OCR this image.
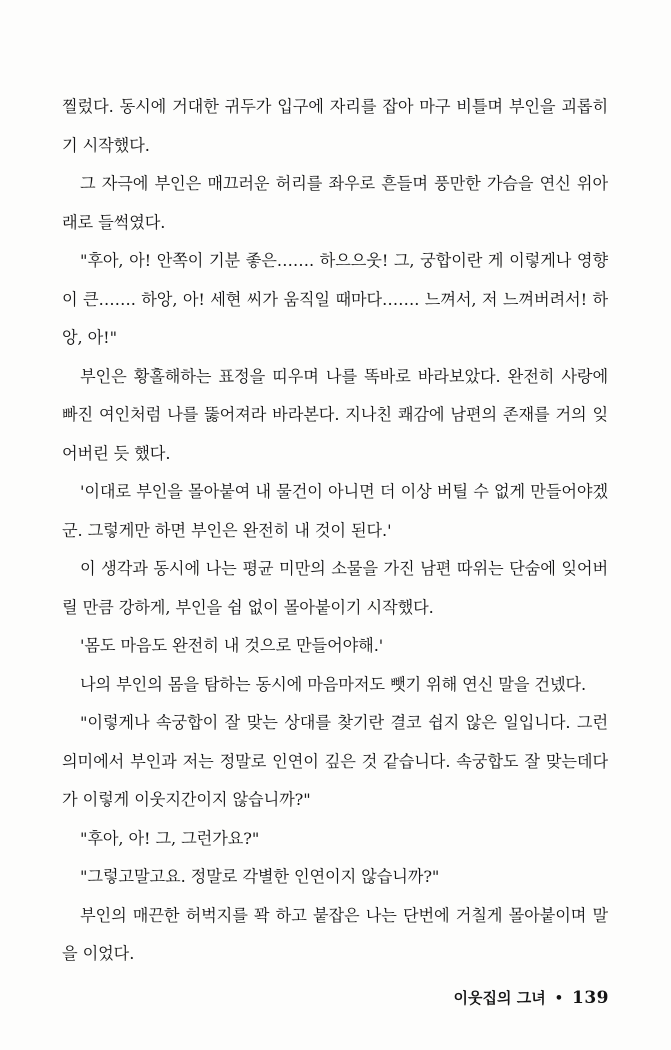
찔렀다. 동시에 거대한 귀두가 입구에 자리를 잡아 마구 비틀며 부인을 괴롭히기 시작했다.

그 자극에 부인은 매끄러운 허리를 좌우로 흔들며 풍만한 가슴을 연신 위아래로 들썩였다.

"후아, 아! 안쪽이 기분 좋은……. 하으으웃! 그, 궁합이란 게 이렇게나 영향이 큰……. 하앙, 아! 세현 씨가 움직일 때마다……. 느껴서, 저 느껴버려서! 하앙, 아!"

부인은 황홀해하는 표정을 띠우며 나를 똑바로 바라보았다. 완전히 사랑에 빠진 여인처럼 나를 뚫어져라 바라본다. 지나친 쾌감에 남편의 존재를 거의 잊어버린 듯 했다.

'이대로 부인을 몰아붙여 내 물건이 아니면 더 이상 버틸 수 없게 만들어야겠군. 그렇게만 하면 부인은 완전히 내 것이 된다.'

이 생각과 동시에 나는 평균 미만의 소물을 가진 남편 따위는 단숨에 잊어버릴 만큼 강하게, 부인을 쉼 없이 몰아붙이기 시작했다.

'몸도 마음도 완전히 내 것으로 만들어야해.'

나의 부인의 몸을 탐하는 동시에 마음마저도 뺏기 위해 연신 말을 건넸다.

"이렇게나 속궁합이 잘 맞는 상대를 찾기란 결코 쉽지 않은 일입니다. 그런 의미에서 부인과 저는 정말로 인연이 깊은 것 같습니다. 속궁합도 잘 맞는데다가 이렇게 이웃지간이지 않습니까?"

"후아, 아! 그, 그런가요?"

"그렇고말고요. 정말로 각별한 인연이지 않습니까?"

부인의 매끈한 허벅지를 꽉 하고 붙잡은 나는 단번에 거칠게 몰아붙이며 말을 이었다.

이웃집의 그녀 • 139
